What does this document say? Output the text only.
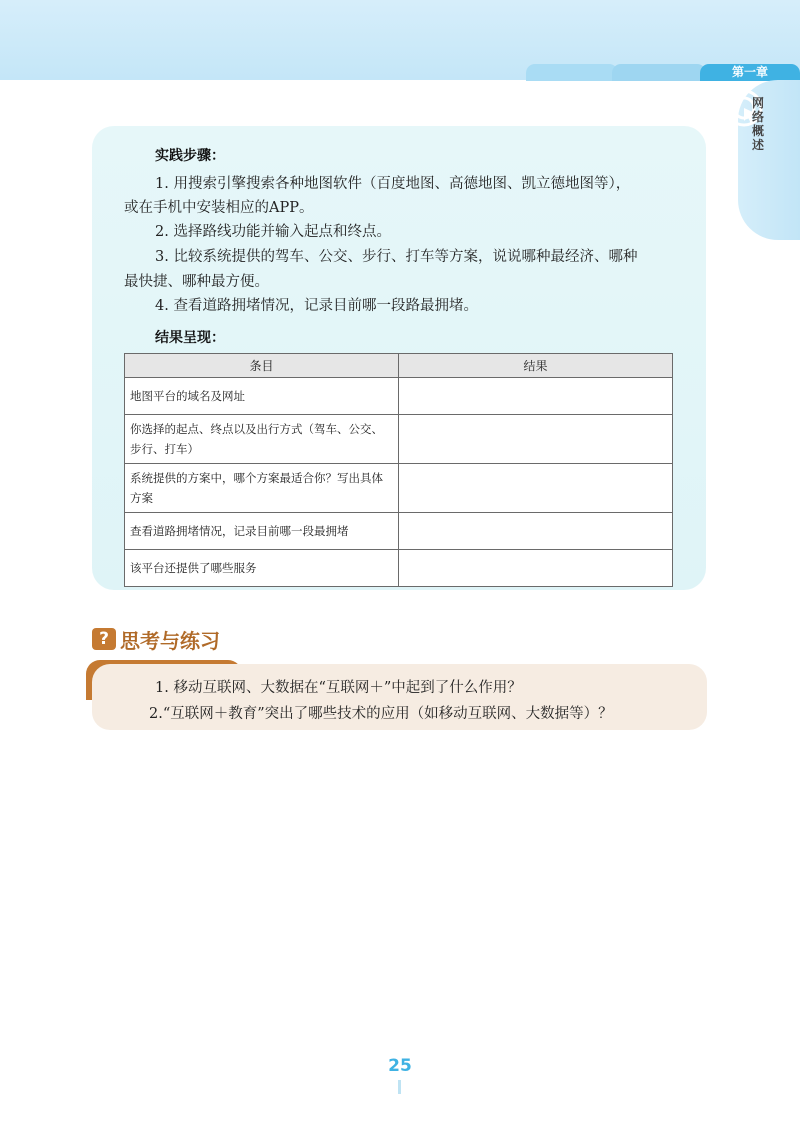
第一章
网络概述
实践步骤：
1. 用搜索引擎搜索各种地图软件（百度地图、高德地图、凯立德地图等），
或在手机中安装相应的APP。
2. 选择路线功能并输入起点和终点。
3. 比较系统提供的驾车、公交、步行、打车等方案，说说哪种最经济、哪种
最快捷、哪种最方便。
4. 查看道路拥堵情况，记录目前哪一段路最拥堵。
结果呈现：
条目	结果
地图平台的域名及网址	
你选择的起点、终点以及出行方式（驾车、公交、步行、打车）	
系统提供的方案中，哪个方案最适合你？写出具体方案	
查看道路拥堵情况，记录目前哪一段最拥堵	
该平台还提供了哪些服务	
? 思考与练习
1. 移动互联网、大数据在“互联网＋”中起到了什么作用？
2.“互联网＋教育”突出了哪些技术的应用（如移动互联网、大数据等）？
25
